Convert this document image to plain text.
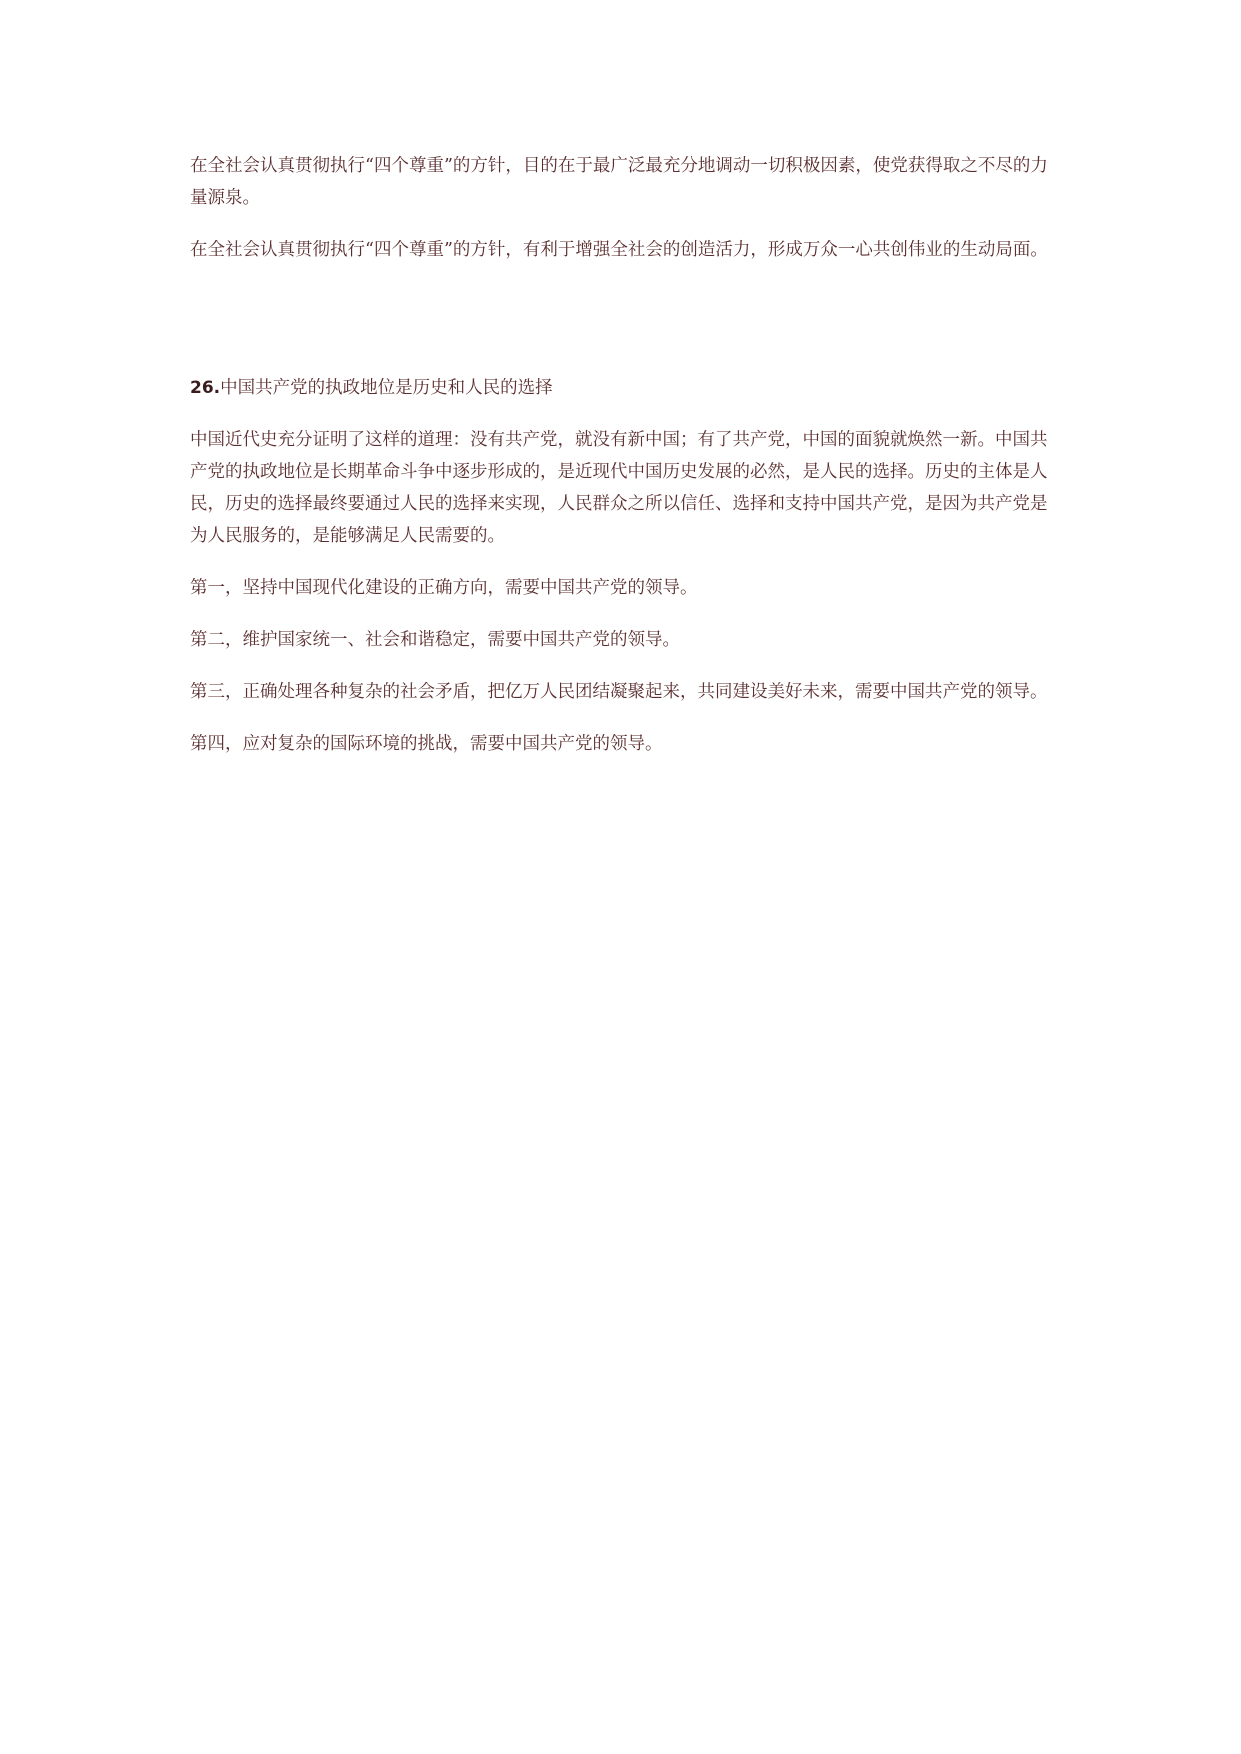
在全社会认真贯彻执行“四个尊重”的方针，目的在于最广泛最充分地调动一切积极因素，使党获得取之不尽的力量源泉。

在全社会认真贯彻执行“四个尊重”的方针，有利于增强全社会的创造活力，形成万众一心共创伟业的生动局面。

26.中国共产党的执政地位是历史和人民的选择

中国近代史充分证明了这样的道理：没有共产党，就没有新中国；有了共产党，中国的面貌就焕然一新。中国共产党的执政地位是长期革命斗争中逐步形成的，是近现代中国历史发展的必然，是人民的选择。历史的主体是人民，历史的选择最终要通过人民的选择来实现，人民群众之所以信任、选择和支持中国共产党，是因为共产党是为人民服务的，是能够满足人民需要的。

第一，坚持中国现代化建设的正确方向，需要中国共产党的领导。

第二，维护国家统一、社会和谐稳定，需要中国共产党的领导。

第三，正确处理各种复杂的社会矛盾，把亿万人民团结凝聚起来，共同建设美好未来，需要中国共产党的领导。

第四，应对复杂的国际环境的挑战，需要中国共产党的领导。
